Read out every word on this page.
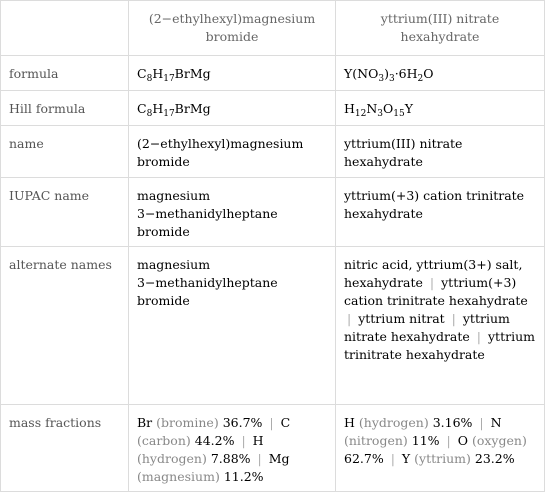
	(2−ethylhexyl)magnesium bromide	yttrium(III) nitrate hexahydrate
formula	$C_8H_{17}BrMg$	$Y(NO_3)_3\cdot 6H_2O$
Hill formula	$C_8H_{17}BrMg$	$H_{12}N_3O_{15}Y$
name	(2−ethylhexyl)magnesium bromide	yttrium(III) nitrate hexahydrate
IUPAC name	magnesium 3−methanidylheptane bromide	yttrium(+3) cation trinitrate hexahydrate
alternate names	magnesium 3−methanidylheptane bromide	nitric acid, yttrium(3+) salt, hexahydrate | yttrium(+3) cation trinitrate hexahydrate | yttrium nitrat | yttrium nitrate hexahydrate | yttrium trinitrate hexahydrate
mass fractions	Br (bromine) 36.7% | C (carbon) 44.2% | H (hydrogen) 7.88% | Mg (magnesium) 11.2%	H (hydrogen) 3.16% | N (nitrogen) 11% | O (oxygen) 62.7% | Y (yttrium) 23.2%
